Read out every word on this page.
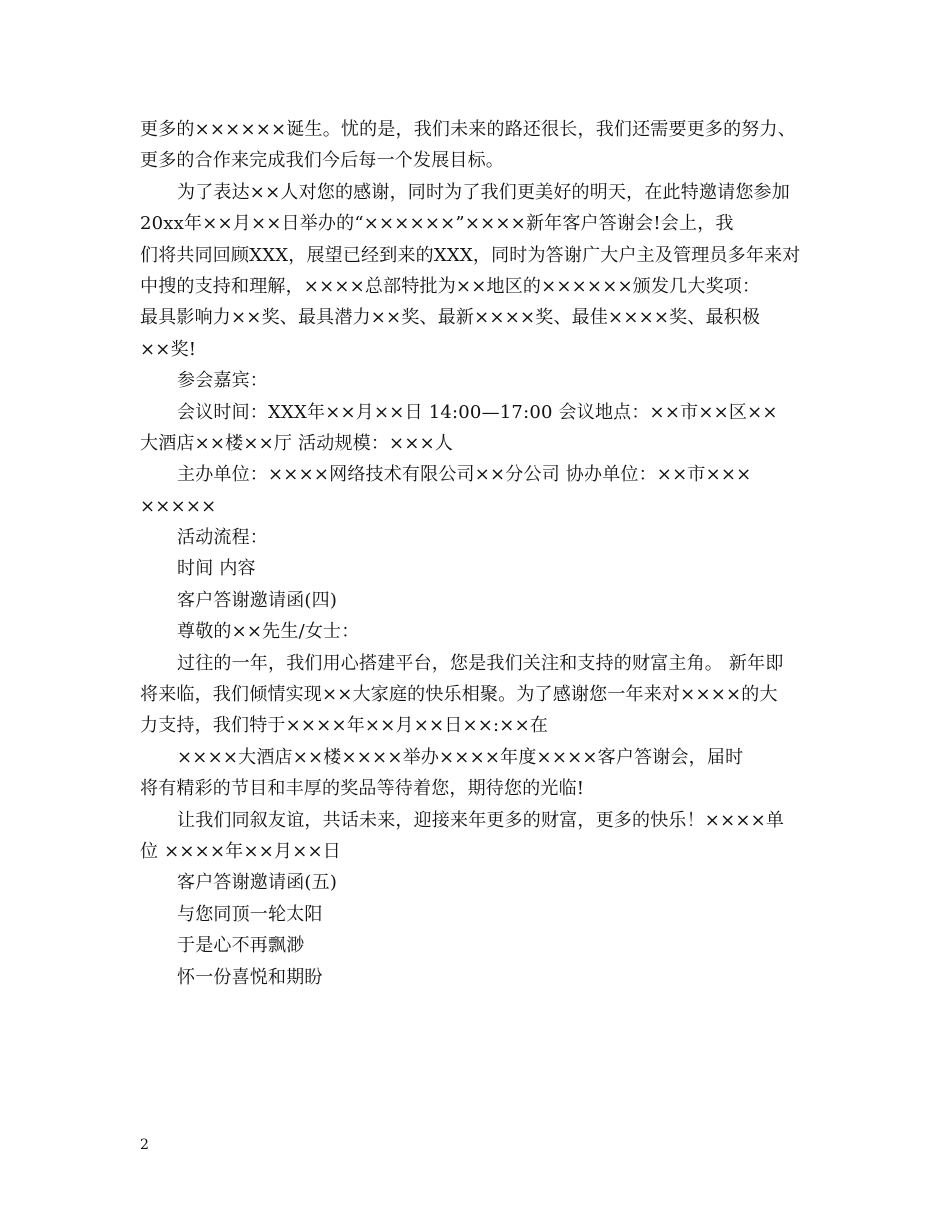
更多的××××××诞生。忧的是，我们未来的路还很长，我们还需要更多的努力、
更多的合作来完成我们今后每一个发展目标。
为了表达××人对您的感谢，同时为了我们更美好的明天，在此特邀请您参加
20xx年××月××日举办的“××××××”××××新年客户答谢会!会上，我
们将共同回顾XXX，展望已经到来的XXX，同时为答谢广大户主及管理员多年来对
中搜的支持和理解，××××总部特批为××地区的××××××颁发几大奖项：
最具影响力××奖、最具潜力××奖、最新××××奖、最佳××××奖、最积极
××奖!
参会嘉宾：
会议时间：XXX年××月××日 14:00—17:00 会议地点：××市××区××
大酒店××楼××厅 活动规模：×××人
主办单位：××××网络技术有限公司××分公司 协办单位：××市×××
×××××
活动流程：
时间 内容
客户答谢邀请函(四)
尊敬的××先生/女士：
过往的一年，我们用心搭建平台，您是我们关注和支持的财富主角。 新年即
将来临，我们倾情实现××大家庭的快乐相聚。为了感谢您一年来对××××的大
力支持，我们特于××××年××月××日××:××在
××××大酒店××楼××××举办××××年度××××客户答谢会，届时
将有精彩的节目和丰厚的奖品等待着您，期待您的光临!
让我们同叙友谊，共话未来，迎接来年更多的财富，更多的快乐！××××单
位 ××××年××月××日
客户答谢邀请函(五)
与您同顶一轮太阳
于是心不再飘渺
怀一份喜悦和期盼
2
